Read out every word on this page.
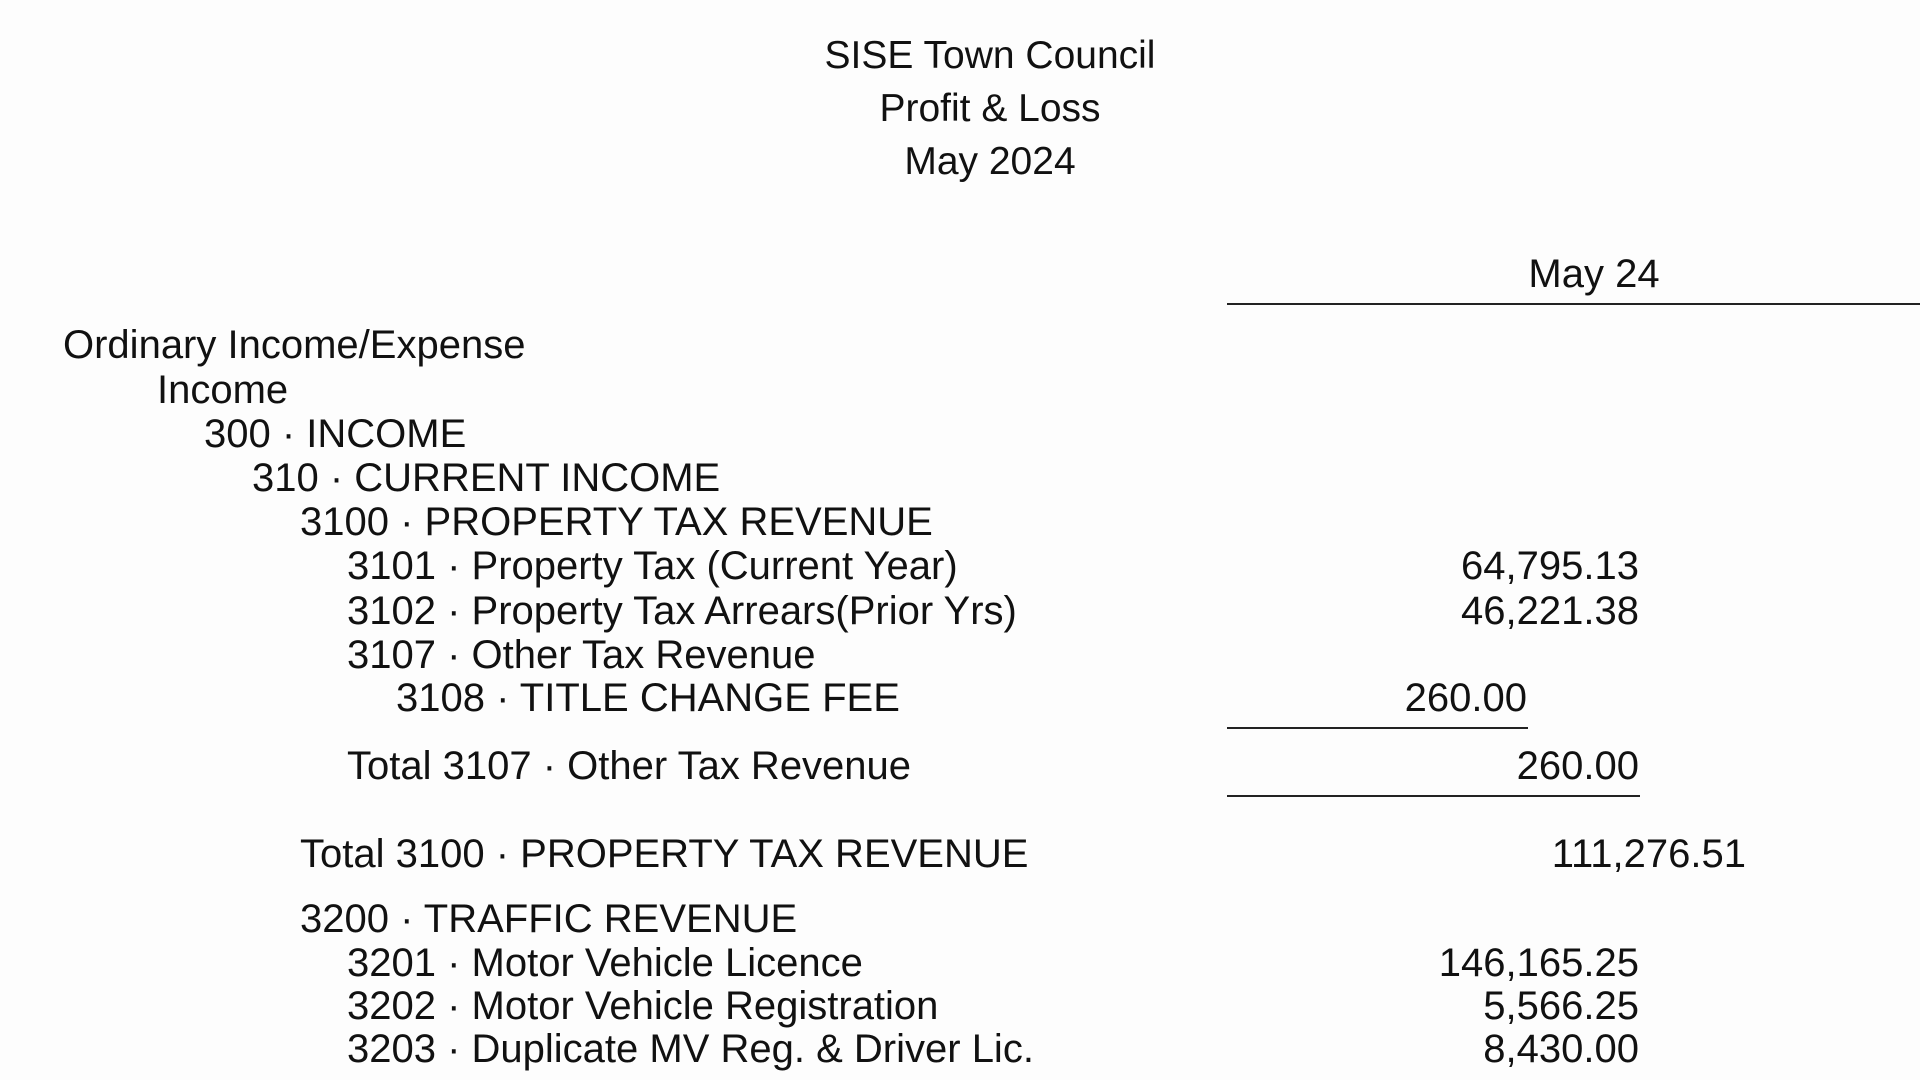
SISE Town Council
Profit & Loss
May 2024
May 24
Ordinary Income/Expense
Income
300 · INCOME
310 · CURRENT INCOME
3100 · PROPERTY TAX REVENUE
3101 · Property Tax (Current Year)	64,795.13
3102 · Property Tax Arrears(Prior Yrs)	46,221.38
3107 · Other Tax Revenue
3108 · TITLE CHANGE FEE	260.00
Total 3107 · Other Tax Revenue	260.00
Total 3100 · PROPERTY TAX REVENUE	111,276.51
3200 · TRAFFIC REVENUE
3201 · Motor Vehicle Licence	146,165.25
3202 · Motor Vehicle Registration	5,566.25
3203 · Duplicate MV Reg. & Driver Lic.	8,430.00
